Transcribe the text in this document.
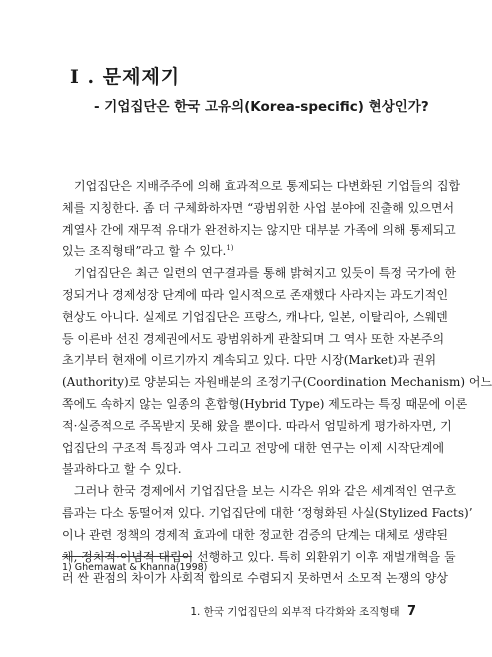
I . 문제제기
- 기업집단은 한국 고유의(Korea-specific) 현상인가?
기업집단은 지배주주에 의해 효과적으로 통제되는 다변화된 기업들의 집합
체를 지칭한다. 좀 더 구체화하자면 “광범위한 사업 분야에 진출해 있으면서
계열사 간에 재무적 유대가 완전하지는 않지만 대부분 가족에 의해 통제되고
있는 조직형태”라고 할 수 있다.$^{1)}$
기업집단은 최근 일련의 연구결과를 통해 밝혀지고 있듯이 특정 국가에 한
정되거나 경제성장 단계에 따라 일시적으로 존재했다 사라지는 과도기적인
현상도 아니다. 실제로 기업집단은 프랑스, 캐나다, 일본, 이탈리아, 스웨덴
등 이른바 선진 경제권에서도 광범위하게 관찰되며 그 역사 또한 자본주의
초기부터 현재에 이르기까지 계속되고 있다. 다만 시장(Market)과 권위
(Authority)로 양분되는 자원배분의 조정기구(Coordination Mechanism) 어느
쪽에도 속하지 않는 일종의 혼합형(Hybrid Type) 제도라는 특징 때문에 이론
적·실증적으로 주목받지 못해 왔을 뿐이다. 따라서 엄밀하게 평가하자면, 기
업집단의 구조적 특징과 역사 그리고 전망에 대한 연구는 이제 시작단계에
불과하다고 할 수 있다.
그러나 한국 경제에서 기업집단을 보는 시각은 위와 같은 세계적인 연구흐
름과는 다소 동떨어져 있다. 기업집단에 대한 ‘정형화된 사실(Stylized Facts)’
이나 관련 정책의 경제적 효과에 대한 정교한 검증의 단계는 대체로 생략된
채, 정치적·이념적 대립이 선행하고 있다. 특히 외환위기 이후 재벌개혁을 둘
러 싼 관점의 차이가 사회적 합의로 수렴되지 못하면서 소모적 논쟁의 양상
1) Ghemawat & Khanna(1998)
1. 한국 기업집단의 외부적 다각화와 조직형태 7
